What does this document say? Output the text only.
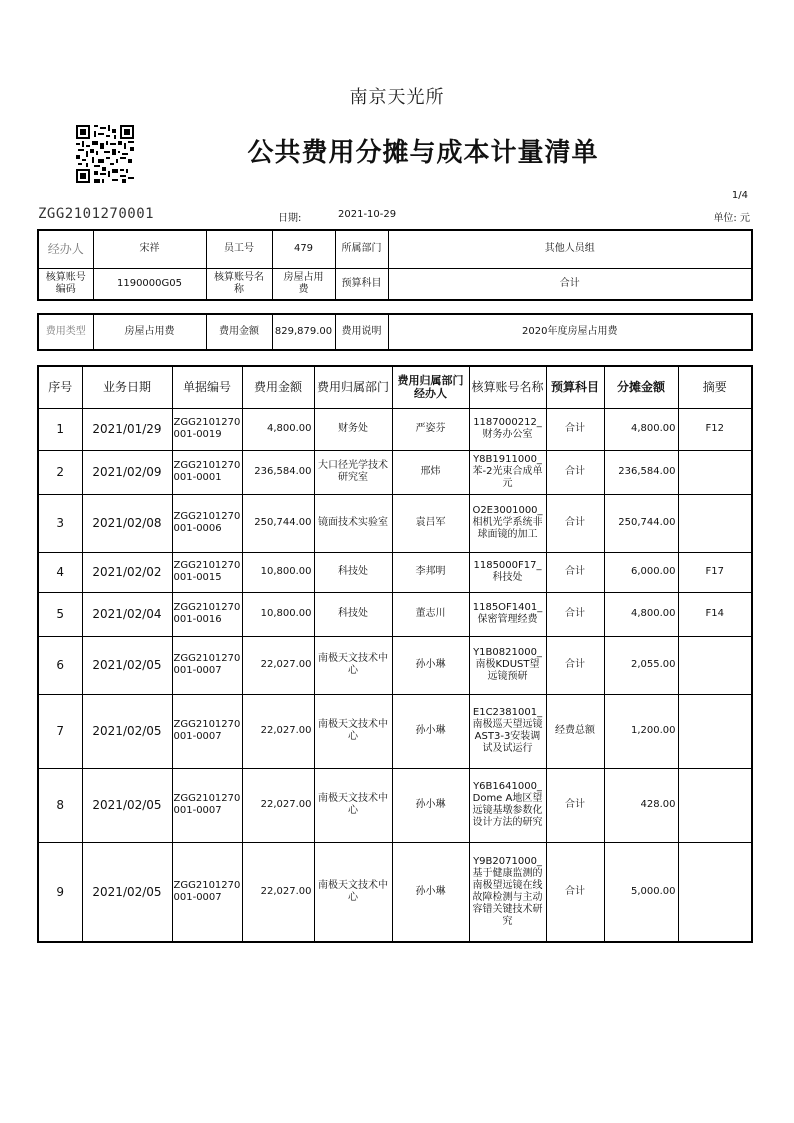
南京天光所
公共费用分摊与成本计量清单
1/4
ZGG2101270001	日期:	2021-10-29	单位: 元
经办人	宋祥	员工号	479	所属部门	其他人员组
核算账号编码	1190000G05	核算账号名称	房屋占用费	预算科目	合计
费用类型	房屋占用费	费用金额	829,879.00	费用说明	2020年度房屋占用费
序号	业务日期	单据编号	费用金额	费用归属部门	费用归属部门经办人	核算账号名称	预算科目	分摊金额	摘要
1	2021/01/29	ZGG2101270001-0019	4,800.00	财务处	严姿芬	1187000212_财务办公室	合计	4,800.00	F12
2	2021/02/09	ZGG2101270001-0001	236,584.00	大口径光学技术研究室	邢炜	Y8B1911000_苯-2光束合成单元	合计	236,584.00	
3	2021/02/08	ZGG2101270001-0006	250,744.00	镜面技术实验室	袁吕军	O2E3001000_相机光学系统非球面镜的加工	合计	250,744.00	
4	2021/02/02	ZGG2101270001-0015	10,800.00	科技处	李邦明	1185000F17_科技处	合计	6,000.00	F17
5	2021/02/04	ZGG2101270001-0016	10,800.00	科技处	董志川	1185OF1401_保密管理经费	合计	4,800.00	F14
6	2021/02/05	ZGG2101270001-0007	22,027.00	南极天文技术中心	孙小琳	Y1B0821000_南极KDUST望远镜预研	合计	2,055.00	
7	2021/02/05	ZGG2101270001-0007	22,027.00	南极天文技术中心	孙小琳	E1C2381001_南极巡天望远镜AST3-3安装调试及试运行	经费总额	1,200.00	
8	2021/02/05	ZGG2101270001-0007	22,027.00	南极天文技术中心	孙小琳	Y6B1641000_Dome A地区望远镜基墩参数化设计方法的研究	合计	428.00	
9	2021/02/05	ZGG2101270001-0007	22,027.00	南极天文技术中心	孙小琳	Y9B2071000_基于健康监测的南极望远镜在线故障检测与主动容错关键技术研究	合计	5,000.00	
